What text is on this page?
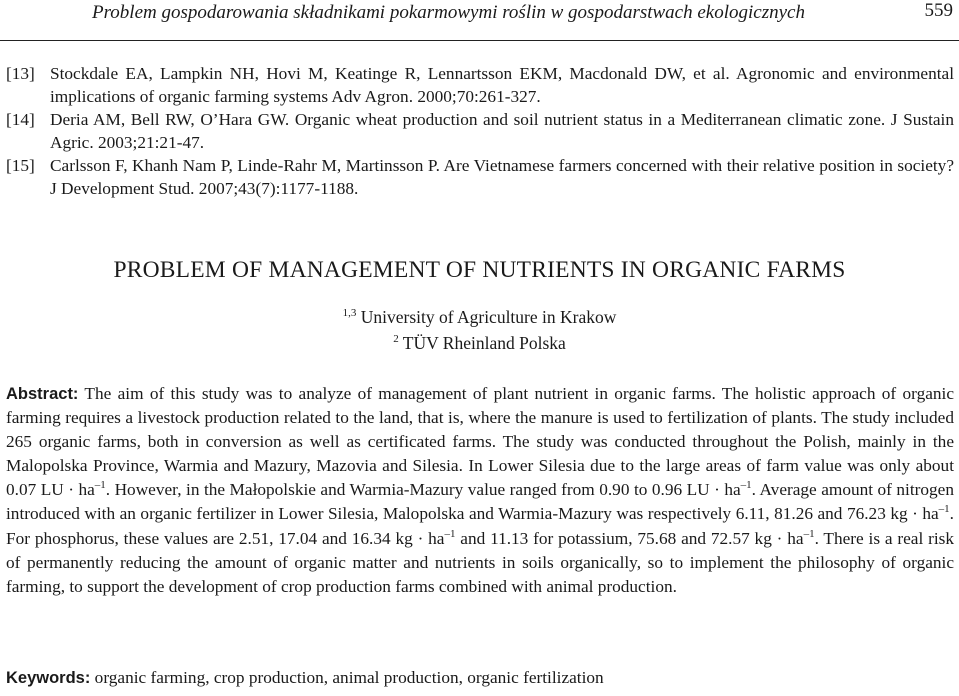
Problem gospodarowania składnikami pokarmowymi roślin w gospodarstwach ekologicznych	559
[13] Stockdale EA, Lampkin NH, Hovi M, Keatinge R, Lennartsson EKM, Macdonald DW, et al. Agronomic and environmental implications of organic farming systems Adv Agron. 2000;70:261-327.
[14] Deria AM, Bell RW, O’Hara GW. Organic wheat production and soil nutrient status in a Mediterranean climatic zone. J Sustain Agric. 2003;21:21-47.
[15] Carlsson F, Khanh Nam P, Linde-Rahr M, Martinsson P. Are Vietnamese farmers concerned with their relative position in society? J Development Stud. 2007;43(7):1177-1188.
PROBLEM OF MANAGEMENT OF NUTRIENTS IN ORGANIC FARMS
$^{1,3}$ University of Agriculture in Krakow
$^2$ TÜV Rheinland Polska
Abstract: The aim of this study was to analyze of management of plant nutrient in organic farms. The holistic approach of organic farming requires a livestock production related to the land, that is, where the manure is used to fertilization of plants. The study included 265 organic farms, both in conversion as well as certificated farms. The study was conducted throughout the Polish, mainly in the Malopolska Province, Warmia and Mazury, Mazovia and Silesia. In Lower Silesia due to the large areas of farm value was only about 0.07 LU · $ha^{-1}$. However, in the Małopolskie and Warmia-Mazury value ranged from 0.90 to 0.96 LU · $ha^{-1}$. Average amount of nitrogen introduced with an organic fertilizer in Lower Silesia, Malopolska and Warmia-Mazury was respectively 6.11, 81.26 and 76.23 kg · $ha^{-1}$. For phosphorus, these values are 2.51, 17.04 and 16.34 kg · $ha^{-1}$ and 11.13 for potassium, 75.68 and 72.57 kg · $ha^{-1}$. There is a real risk of permanently reducing the amount of organic matter and nutrients in soils organically, so to implement the philosophy of organic farming, to support the development of crop production farms combined with animal production.
Keywords: organic farming, crop production, animal production, organic fertilization
